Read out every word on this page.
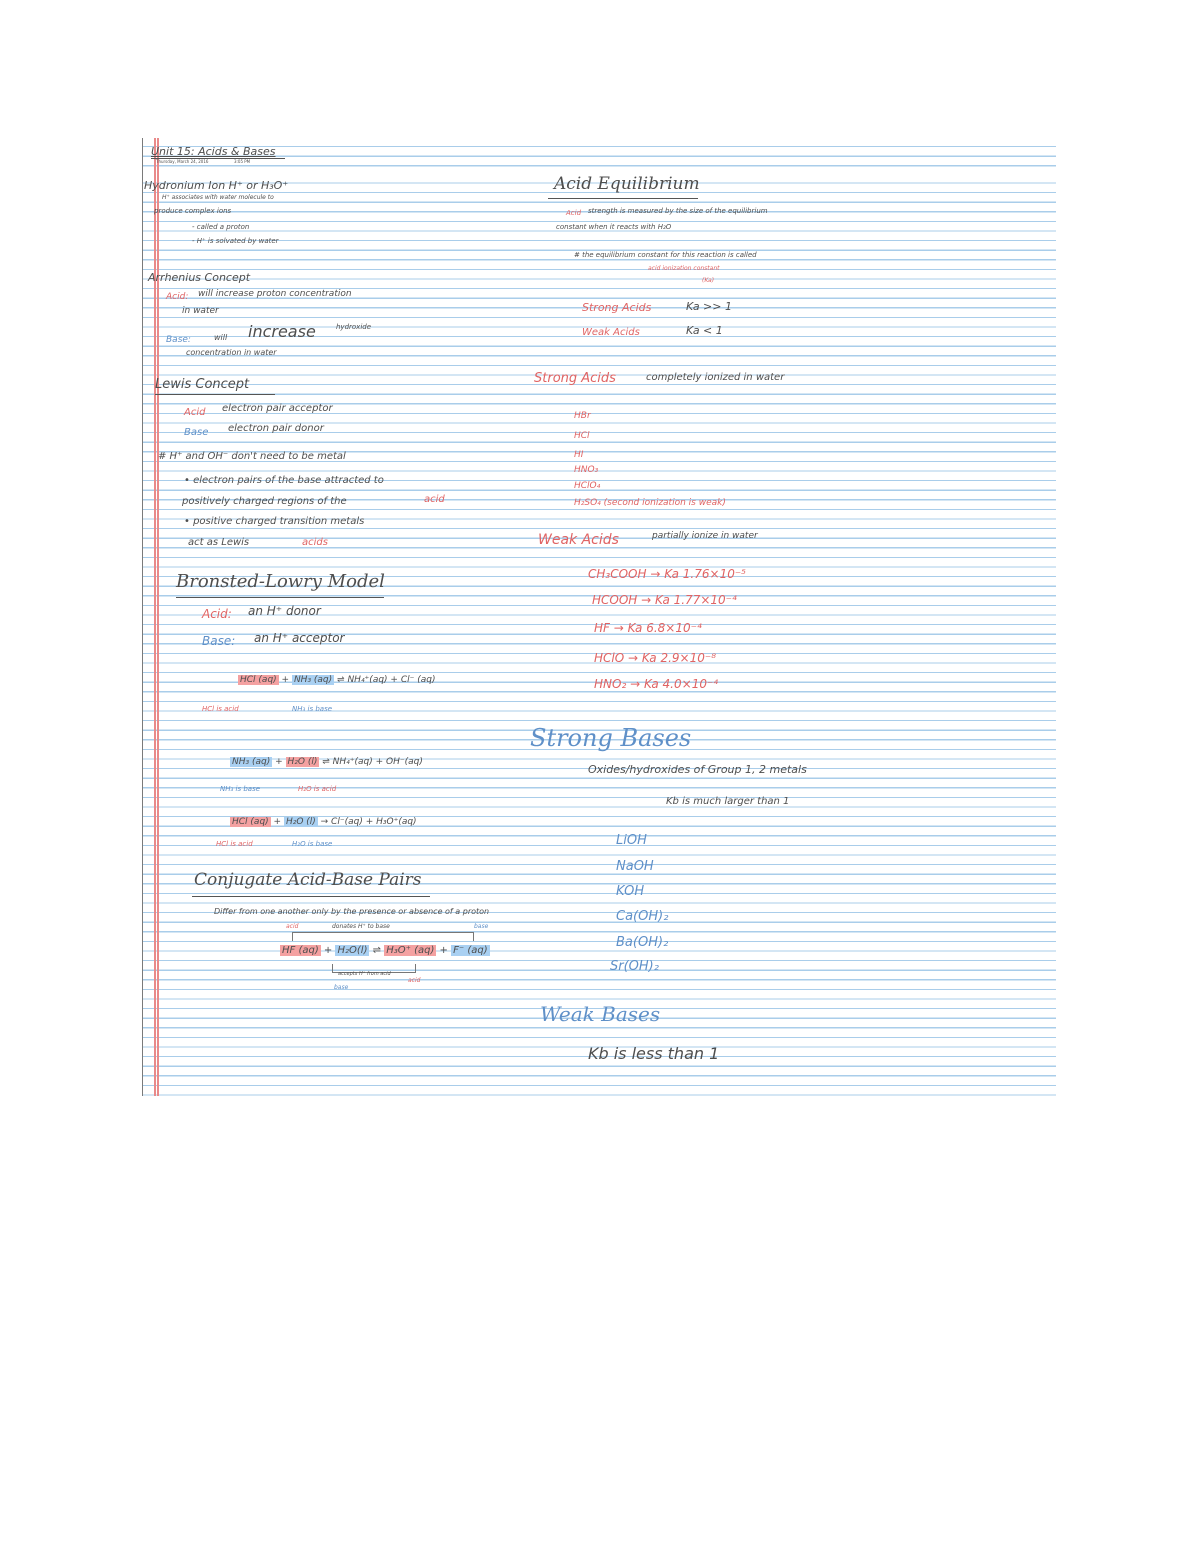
Unit 15: Acids & Bases
Thursday, March 24, 2016	3:05 PM
Hydronium Ion H⁺ or H₃O⁺
H⁺ associates with water molecule to
produce complex ions
- called a proton
- H⁺ is solvated by water
Arrhenius Concept
Acid: will increase proton concentration
in water
Base:	will increase	hydroxide
concentration in water
Lewis Concept
Acid electron pair acceptor
Base electron pair donor
# H⁺ and OH⁻ don't need to be metal
• electron pairs of the base attracted to
positively charged regions of the	acid
• positive charged transition metals
act as Lewis	acids
Bronsted-Lowry Model
Acid: an H⁺ donor
Base: an H⁺ acceptor
HCl (aq) + NH₃ (aq) ⇌ NH₄⁺(aq) + Cl⁻ (aq)
HCl is acid	NH₃ is base
NH₃ (aq) + H₂O (l) ⇌ NH₄⁺(aq) + OH⁻(aq)
NH₃ is base	H₂O is acid
HCl (aq) + H₂O (l) → Cl⁻(aq) + H₃O⁺(aq)
HCl is acid	H₂O is base
Conjugate Acid-Base Pairs
Differ from one another only by the presence or absence of a proton
acid	donates H⁺ to base	base
HF (aq) + H₂O(l) ⇌ H₃O⁺ (aq) + F⁻ (aq)
accepts H⁺ from acid
acid
base
Acid Equilibrium
Acid strength is measured by the size of the equilibrium
constant when it reacts with H₂O
# the equilibrium constant for this reaction is called
acid ionization constant
(Ka)
Strong Acids	Ka >> 1
Weak Acids	Ka < 1
Strong Acids	completely ionized in water
HBr
HCl
HI
HNO₃
HClO₄
H₂SO₄ (second ionization is weak)
Weak Acids	partially ionize in water
CH₃COOH → Ka 1.76×10⁻⁵
HCOOH → Ka 1.77×10⁻⁴
HF → Ka 6.8×10⁻⁴
HClO → Ka 2.9×10⁻⁸
HNO₂ → Ka 4.0×10⁻⁴
Strong Bases
Oxides/hydroxides of Group 1, 2 metals
Kb is much larger than 1
LiOH
NaOH
KOH
Ca(OH)₂
Ba(OH)₂
Sr(OH)₂
Weak Bases
Kb is less than 1
